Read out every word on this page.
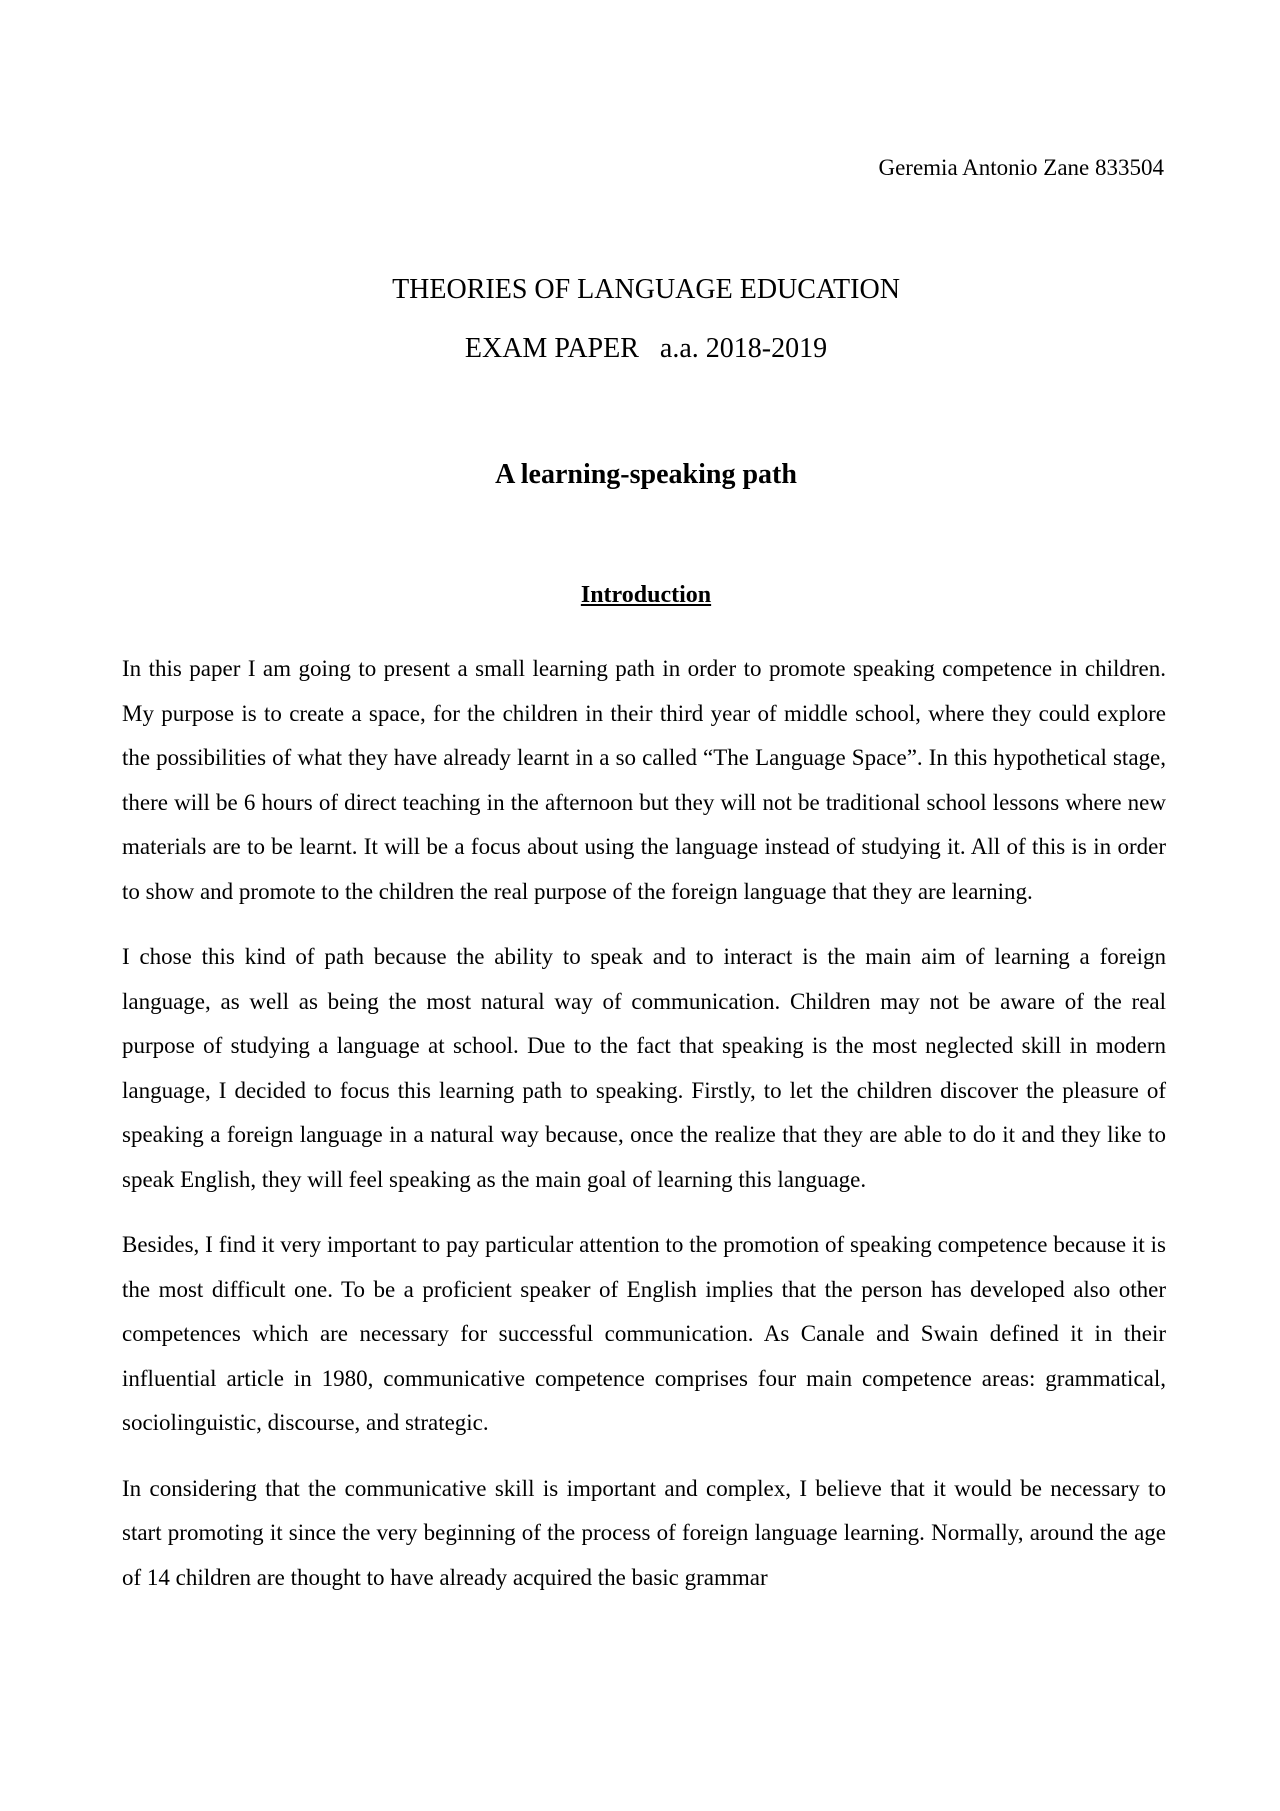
Geremia Antonio Zane 833504
THEORIES OF LANGUAGE EDUCATION
EXAM PAPER   a.a. 2018-2019
A learning-speaking path
Introduction

In this paper I am going to present a small learning path in order to promote speaking competence in children. My purpose is to create a space, for the children in their third year of middle school, where they could explore the possibilities of what they have already learnt in a so called “The Language Space”. In this hypothetical stage, there will be 6 hours of direct teaching in the afternoon but they will not be traditional school lessons where new materials are to be learnt. It will be a focus about using the language instead of studying it. All of this is in order to show and promote to the children the real purpose of the foreign language that they are learning.

I chose this kind of path because the ability to speak and to interact is the main aim of learning a foreign language, as well as being the most natural way of communication. Children may not be aware of the real purpose of studying a language at school. Due to the fact that speaking is the most neglected skill in modern language, I decided to focus this learning path to speaking. Firstly, to let the children discover the pleasure of speaking a foreign language in a natural way because, once the realize that they are able to do it and they like to speak English, they will feel speaking as the main goal of learning this language.

Besides, I find it very important to pay particular attention to the promotion of speaking competence because it is the most difficult one. To be a proficient speaker of English implies that the person has developed also other competences which are necessary for successful communication. As Canale and Swain defined it in their influential article in 1980, communicative competence comprises four main competence areas: grammatical, sociolinguistic, discourse, and strategic.

In considering that the communicative skill is important and complex, I believe that it would be necessary to start promoting it since the very beginning of the process of foreign language learning. Normally, around the age of 14 children are thought to have already acquired the basic grammar
